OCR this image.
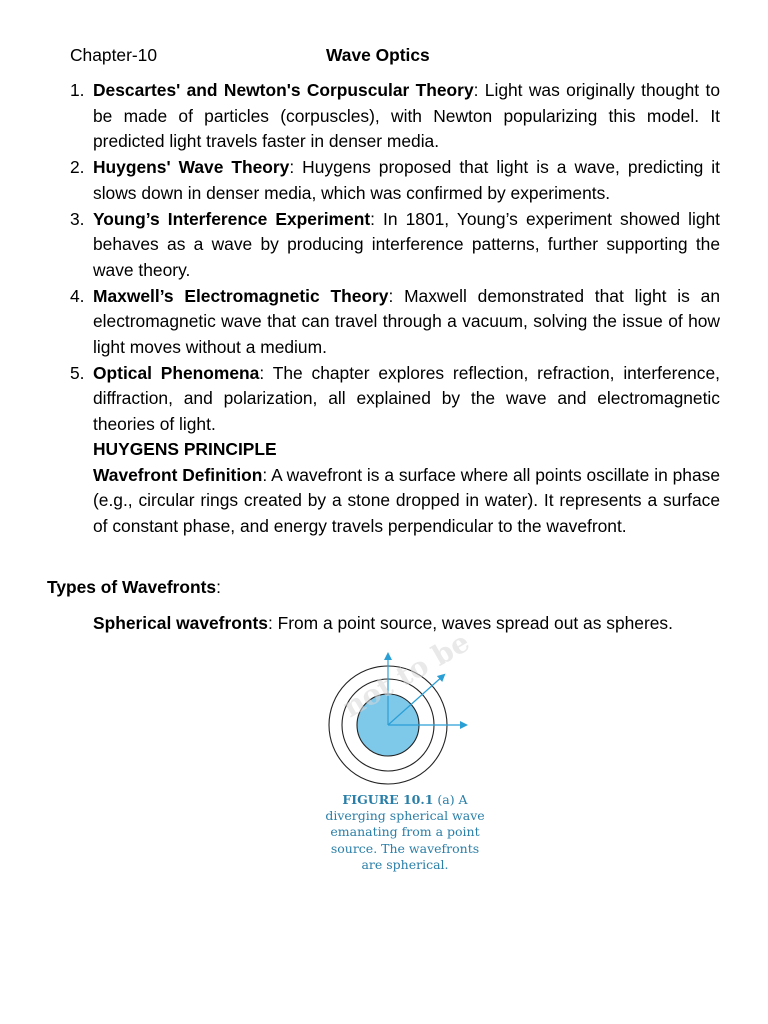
Chapter-10	Wave Optics
1. Descartes' and Newton's Corpuscular Theory: Light was originally thought to be made of particles (corpuscles), with Newton popularizing this model. It predicted light travels faster in denser media.
2. Huygens' Wave Theory: Huygens proposed that light is a wave, predicting it slows down in denser media, which was confirmed by experiments.
3. Young’s Interference Experiment: In 1801, Young’s experiment showed light behaves as a wave by producing interference patterns, further supporting the wave theory.
4. Maxwell’s Electromagnetic Theory: Maxwell demonstrated that light is an electromagnetic wave that can travel through a vacuum, solving the issue of how light moves without a medium.
5. Optical Phenomena: The chapter explores reflection, refraction, interference, diffraction, and polarization, all explained by the wave and electromagnetic theories of light.

HUYGENS PRINCIPLE

Wavefront Definition: A wavefront is a surface where all points oscillate in phase (e.g., circular rings created by a stone dropped in water). It represents a surface of constant phase, and energy travels perpendicular to the wavefront.

Types of Wavefronts:
Spherical wavefronts: From a point source, waves spread out as spheres.
FIGURE 10.1 (a) A diverging spherical wave emanating from a point source. The wavefronts are spherical.
not to be
